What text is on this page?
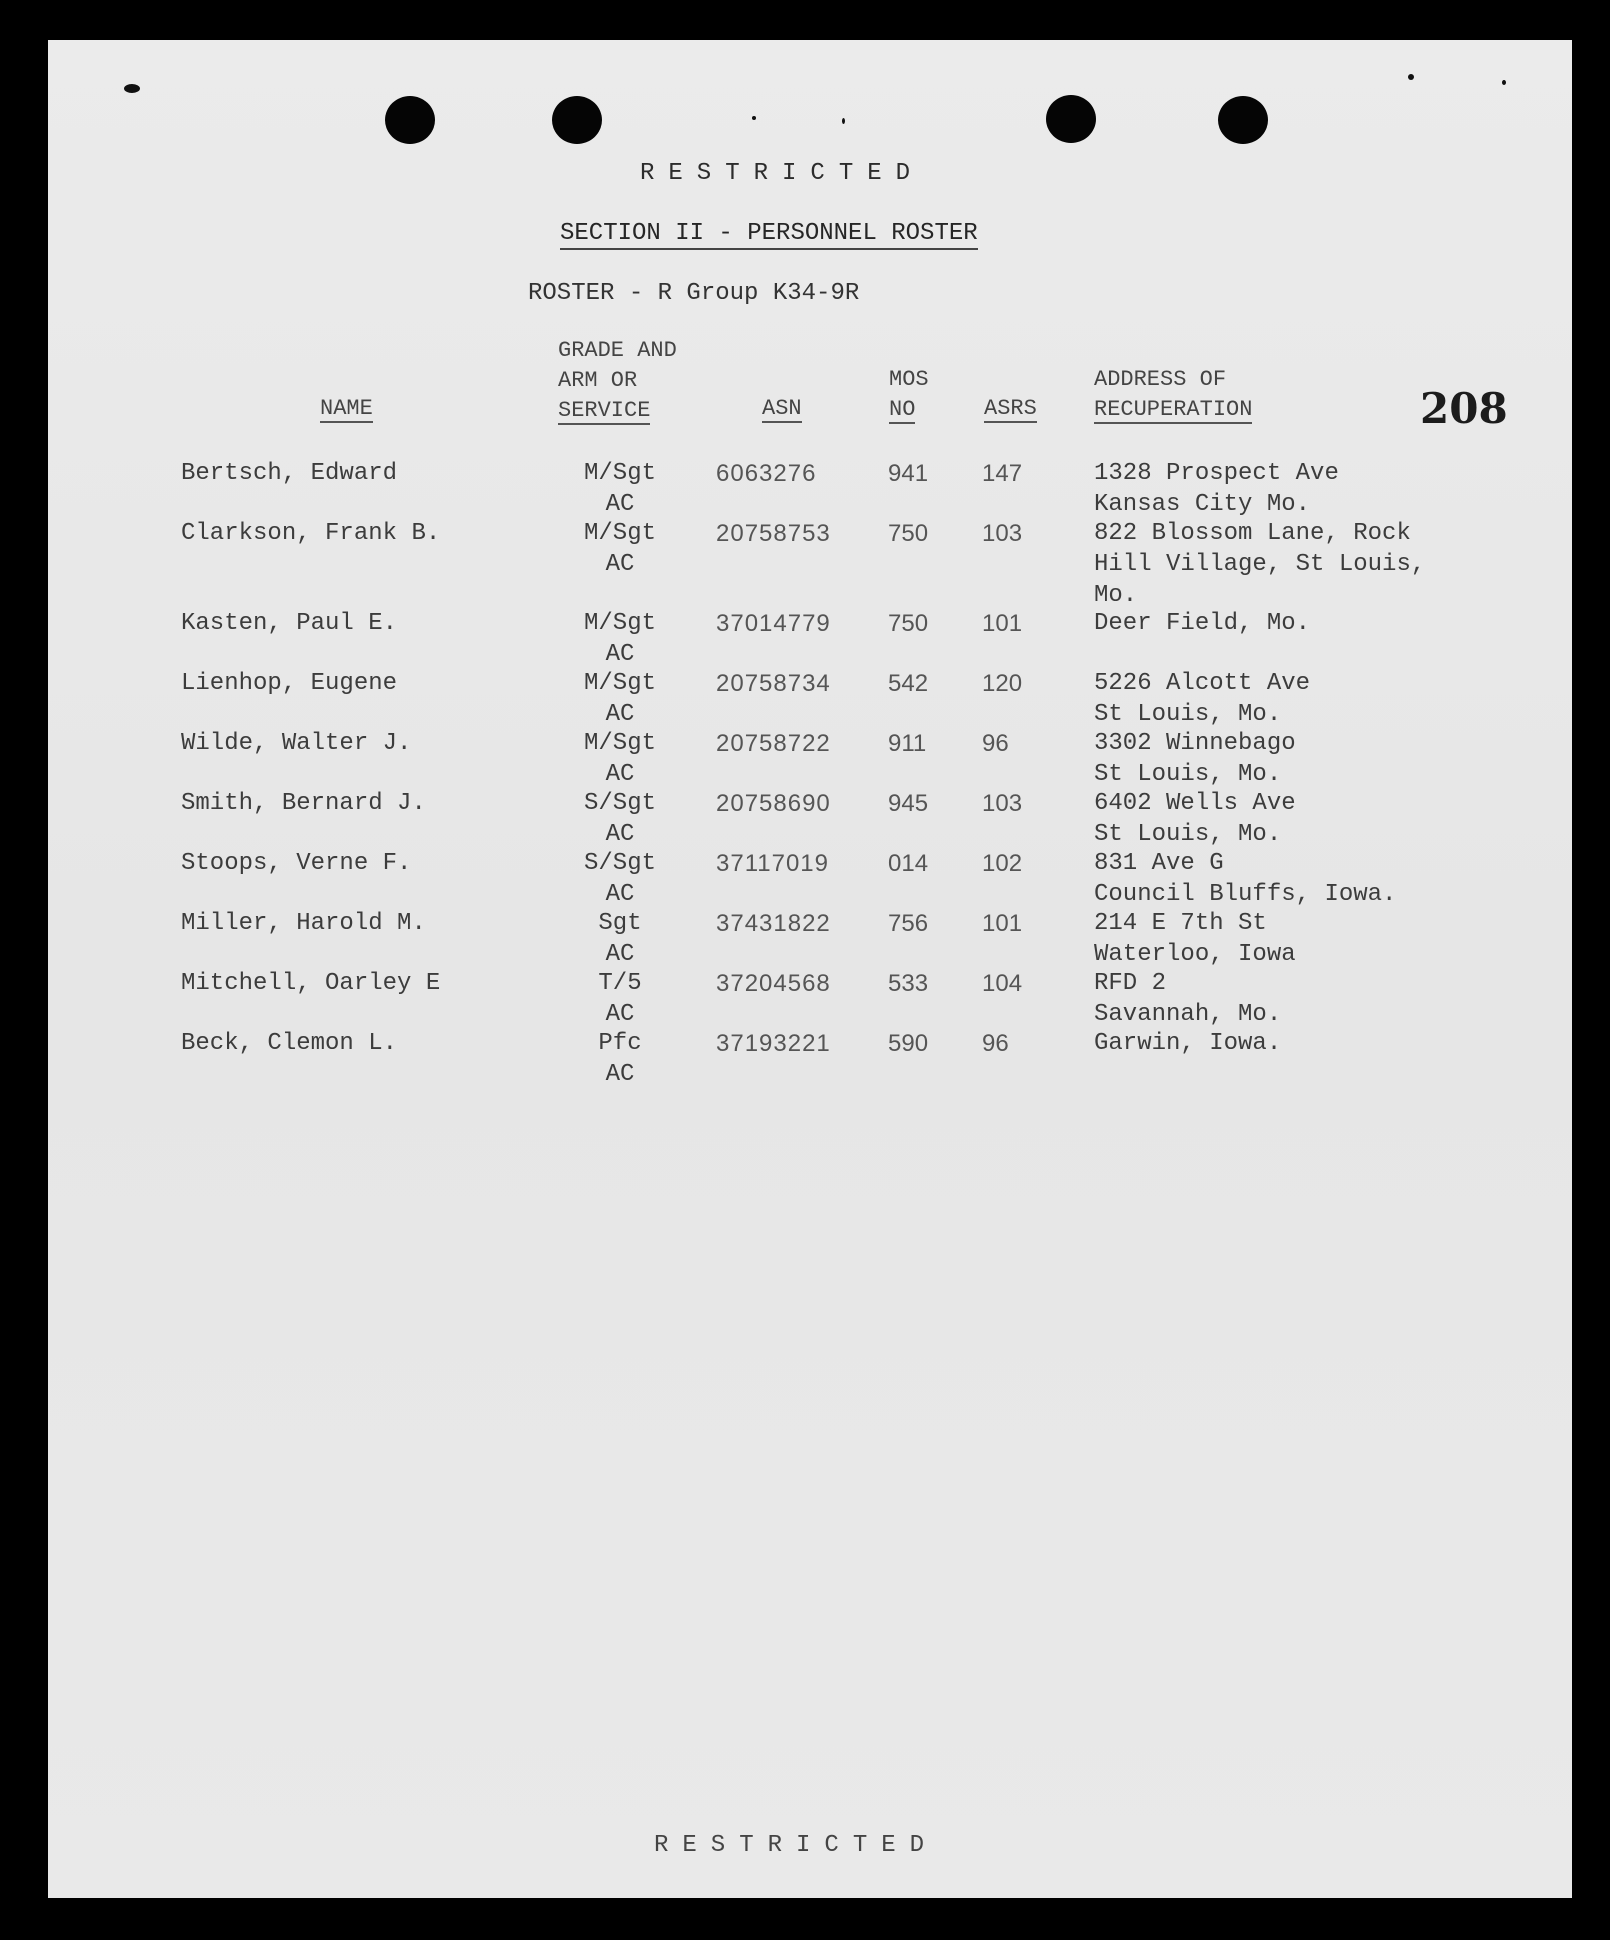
RESTRICTED
SECTION II - PERSONNEL ROSTER
ROSTER - R Group K34-9R
208
NAME
GRADE AND
ARM OR
SERVICE	ASN
MOS
NO	ASRS
ADDRESS OF
RECUPERATION
Bertsch, Edward	M/Sgt
AC
6063276	941 147	1328 Prospect Ave
Kansas City Mo.
Clarkson, Frank B.	M/Sgt
AC
20758753 750 103	822 Blossom Lane, Rock
Hill Village, St Louis,
Mo.
Kasten, Paul E.	M/Sgt
AC
37014779 750 101	Deer Field, Mo.
Lienhop, Eugene	M/Sgt
AC
20758734 542 120	5226 Alcott Ave
St Louis, Mo.
Wilde, Walter J.	M/Sgt
AC
20758722 911 96	3302 Winnebago
St Louis, Mo.
Smith, Bernard J.	S/Sgt
AC
20758690 945 103	6402 Wells Ave
St Louis, Mo.
Stoops, Verne F.	S/Sgt
AC
37117019 014 102	831 Ave G
Council Bluffs, Iowa.
Miller, Harold M.	Sgt
AC
37431822 756 101	214 E 7th St
Waterloo, Iowa
Mitchell, Oarley E	T/5
AC
37204568 533 104	RFD 2
Savannah, Mo.
Beck, Clemon L.	Pfc
AC
37193221 590 96	Garwin, Iowa.
RESTRICTED
